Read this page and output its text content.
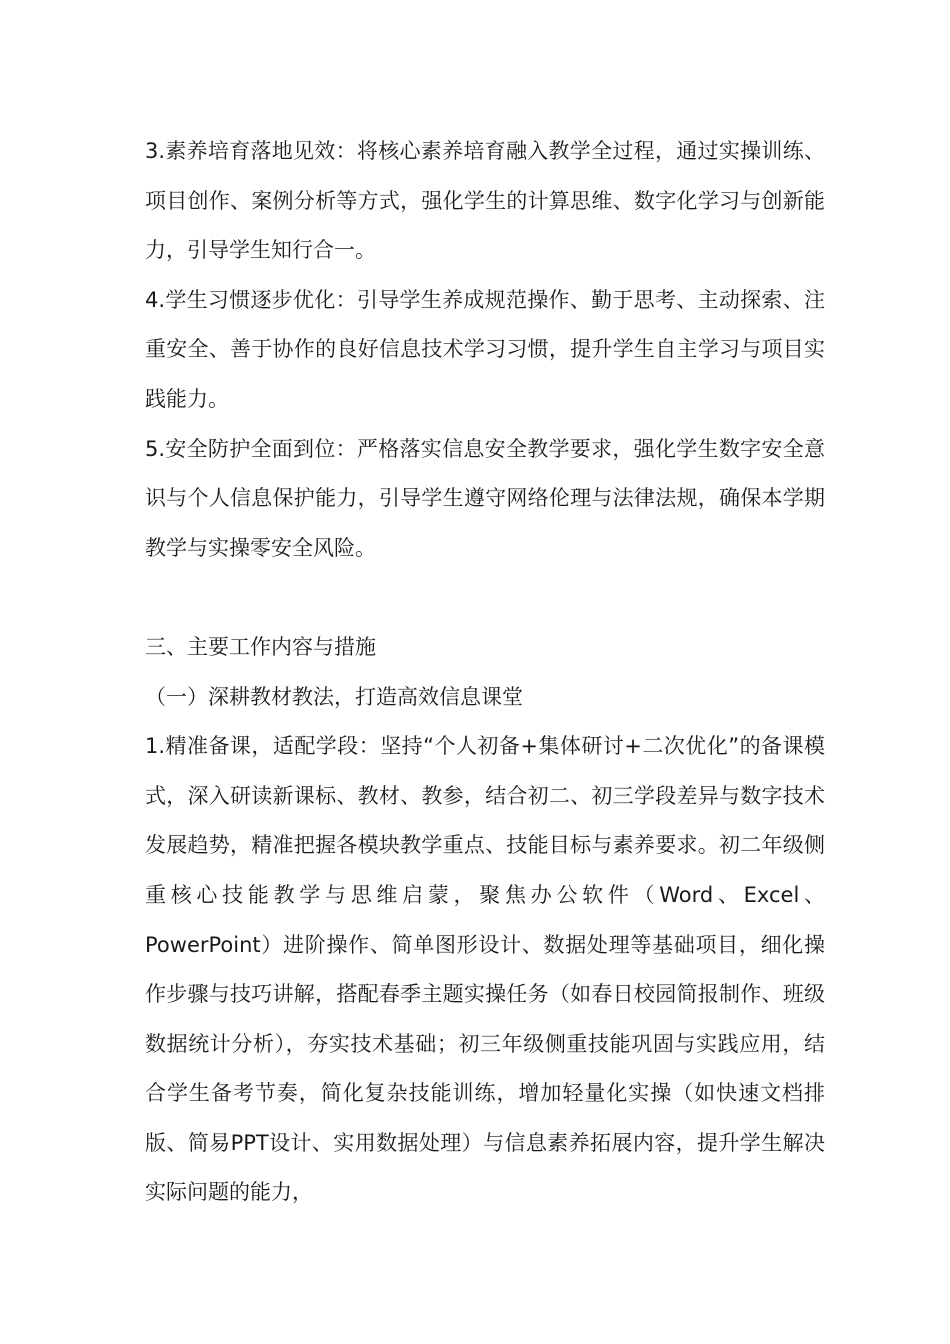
3.素养培育落地见效：将核心素养培育融入教学全过程，通过实操训练、项目创作、案例分析等方式，强化学生的计算思维、数字化学习与创新能力，引导学生知行合一。

4.学生习惯逐步优化：引导学生养成规范操作、勤于思考、主动探索、注重安全、善于协作的良好信息技术学习习惯，提升学生自主学习与项目实践能力。

5.安全防护全面到位：严格落实信息安全教学要求，强化学生数字安全意识与个人信息保护能力，引导学生遵守网络伦理与法律法规，确保本学期教学与实操零安全风险。

三、主要工作内容与措施

（一）深耕教材教法，打造高效信息课堂

1.精准备课，适配学段：坚持“个人初备+集体研讨+二次优化”的备课模式，深入研读新课标、教材、教参，结合初二、初三学段差异与数字技术发展趋势，精准把握各模块教学重点、技能目标与素养要求。初二年级侧重核心技能教学与思维启蒙，聚焦办公软件（Word、Excel、PowerPoint）进阶操作、简单图形设计、数据处理等基础项目，细化操作步骤与技巧讲解，搭配春季主题实操任务（如春日校园简报制作、班级数据统计分析），夯实技术基础；初三年级侧重技能巩固与实践应用，结合学生备考节奏，简化复杂技能训练，增加轻量化实操（如快速文档排版、简易PPT设计、实用数据处理）与信息素养拓展内容，提升学生解决实际问题的能力，
